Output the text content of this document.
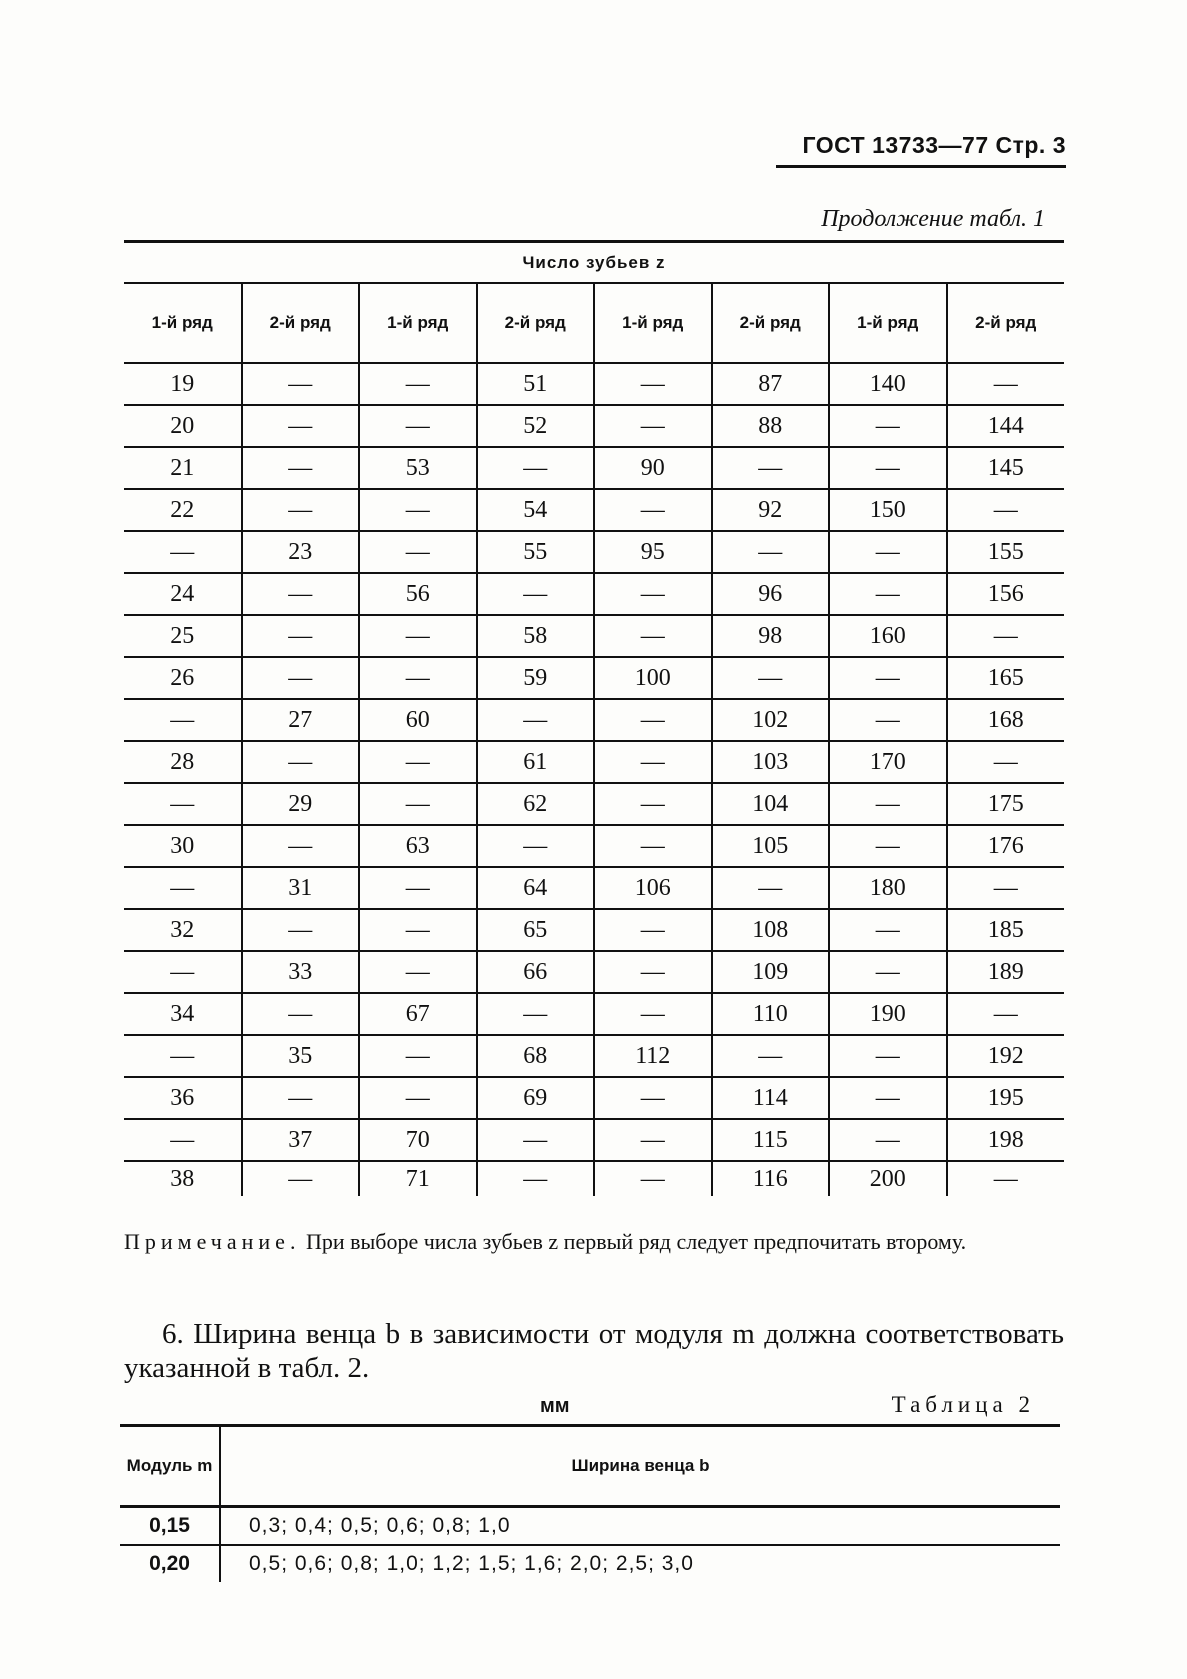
ГОСТ 13733—77 Стр. 3
Продолжение табл. 1

Число зубьев z							
1-й ряд	2-й ряд	1-й ряд	2-й ряд	1-й ряд	2-й ряд	1-й ряд	2-й ряд
19	—	—	51	—	87	140	—
20	—	—	52	—	88	—	144
21	—	53	—	90	—	—	145
22	—	—	54	—	92	150	—
—	23	—	55	95	—	—	155
24	—	56	—	—	96	—	156
25	—	—	58	—	98	160	—
26	—	—	59	100	—	—	165
—	27	60	—	—	102	—	168
28	—	—	61	—	103	170	—
—	29	—	62	—	104	—	175
30	—	63	—	—	105	—	176
—	31	—	64	106	—	180	—
32	—	—	65	—	108	—	185
—	33	—	66	—	109	—	189
34	—	67	—	—	110	190	—
—	35	—	68	112	—	—	192
36	—	—	69	—	114	—	195
—	37	70	—	—	115	—	198
38	—	71	—	—	116	200	—
Примечание. При выборе числа зубьев z первый ряд следует предпочитать второму.
6. Ширина венца b в зависимости от модуля m должна соответствовать указанной в табл. 2.
мм	Таблица 2
Модуль m	Ширина венца b
0,15	0,3; 0,4; 0,5; 0,6; 0,8; 1,0
0,20	0,5; 0,6; 0,8; 1,0; 1,2; 1,5; 1,6; 2,0; 2,5; 3,0
